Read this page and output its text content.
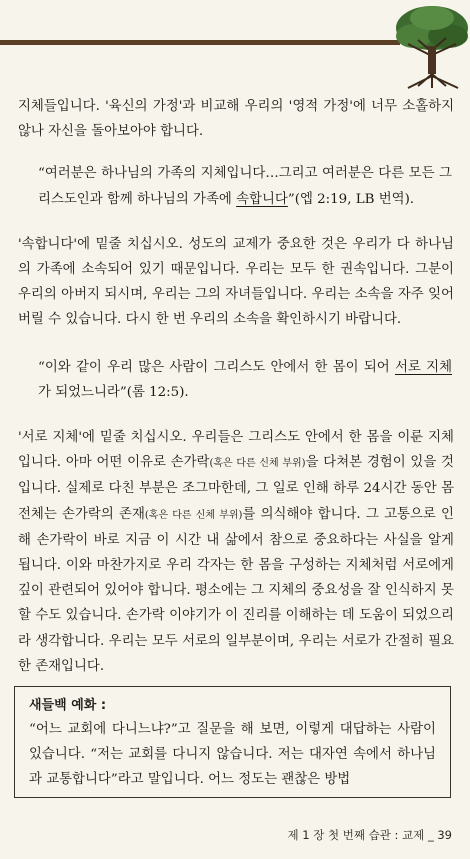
지체들입니다. '육신의 가정'과 비교해 우리의 '영적 가정'에 너무 소홀하지 않나 자신을 돌아보아야 합니다.

“여러분은 하나님의 가족의 지체입니다…그리고 여러분은 다른 모든 그리스도인과 함께 하나님의 가족에 속합니다”(엡 2:19, LB 번역).

'속합니다'에 밑줄 치십시오. 성도의 교제가 중요한 것은 우리가 다 하나님의 가족에 소속되어 있기 때문입니다. 우리는 모두 한 권속입니다. 그분이 우리의 아버지 되시며, 우리는 그의 자녀들입니다. 우리는 소속을 자주 잊어버릴 수 있습니다. 다시 한 번 우리의 소속을 확인하시기 바랍니다.

“이와 같이 우리 많은 사람이 그리스도 안에서 한 몸이 되어 서로 지체가 되었느니라”(롬 12:5).

'서로 지체'에 밑줄 치십시오. 우리들은 그리스도 안에서 한 몸을 이룬 지체입니다. 아마 어떤 이유로 손가락(혹은 다른 신체 부위)을 다쳐본 경험이 있을 것입니다. 실제로 다친 부분은 조그마한데, 그 일로 인해 하루 24시간 동안 몸 전체는 손가락의 존재(혹은 다른 신체 부위)를 의식해야 합니다. 그 고통으로 인해 손가락이 바로 지금 이 시간 내 삶에서 참으로 중요하다는 사실을 알게 됩니다. 이와 마찬가지로 우리 각자는 한 몸을 구성하는 지체처럼 서로에게 깊이 관련되어 있어야 합니다. 평소에는 그 지체의 중요성을 잘 인식하지 못할 수도 있습니다. 손가락 이야기가 이 진리를 이해하는 데 도움이 되었으리라 생각합니다. 우리는 모두 서로의 일부분이며, 우리는 서로가 간절히 필요한 존재입니다.

새들백 예화 :

“어느 교회에 다니느냐?”고 질문을 해 보면, 이렇게 대답하는 사람이 있습니다. “저는 교회를 다니지 않습니다. 저는 대자연 속에서 하나님과 교통합니다”라고 말입니다. 어느 정도는 괜찮은 방법

제 1 장 첫 번째 습관 : 교제 _ 39
